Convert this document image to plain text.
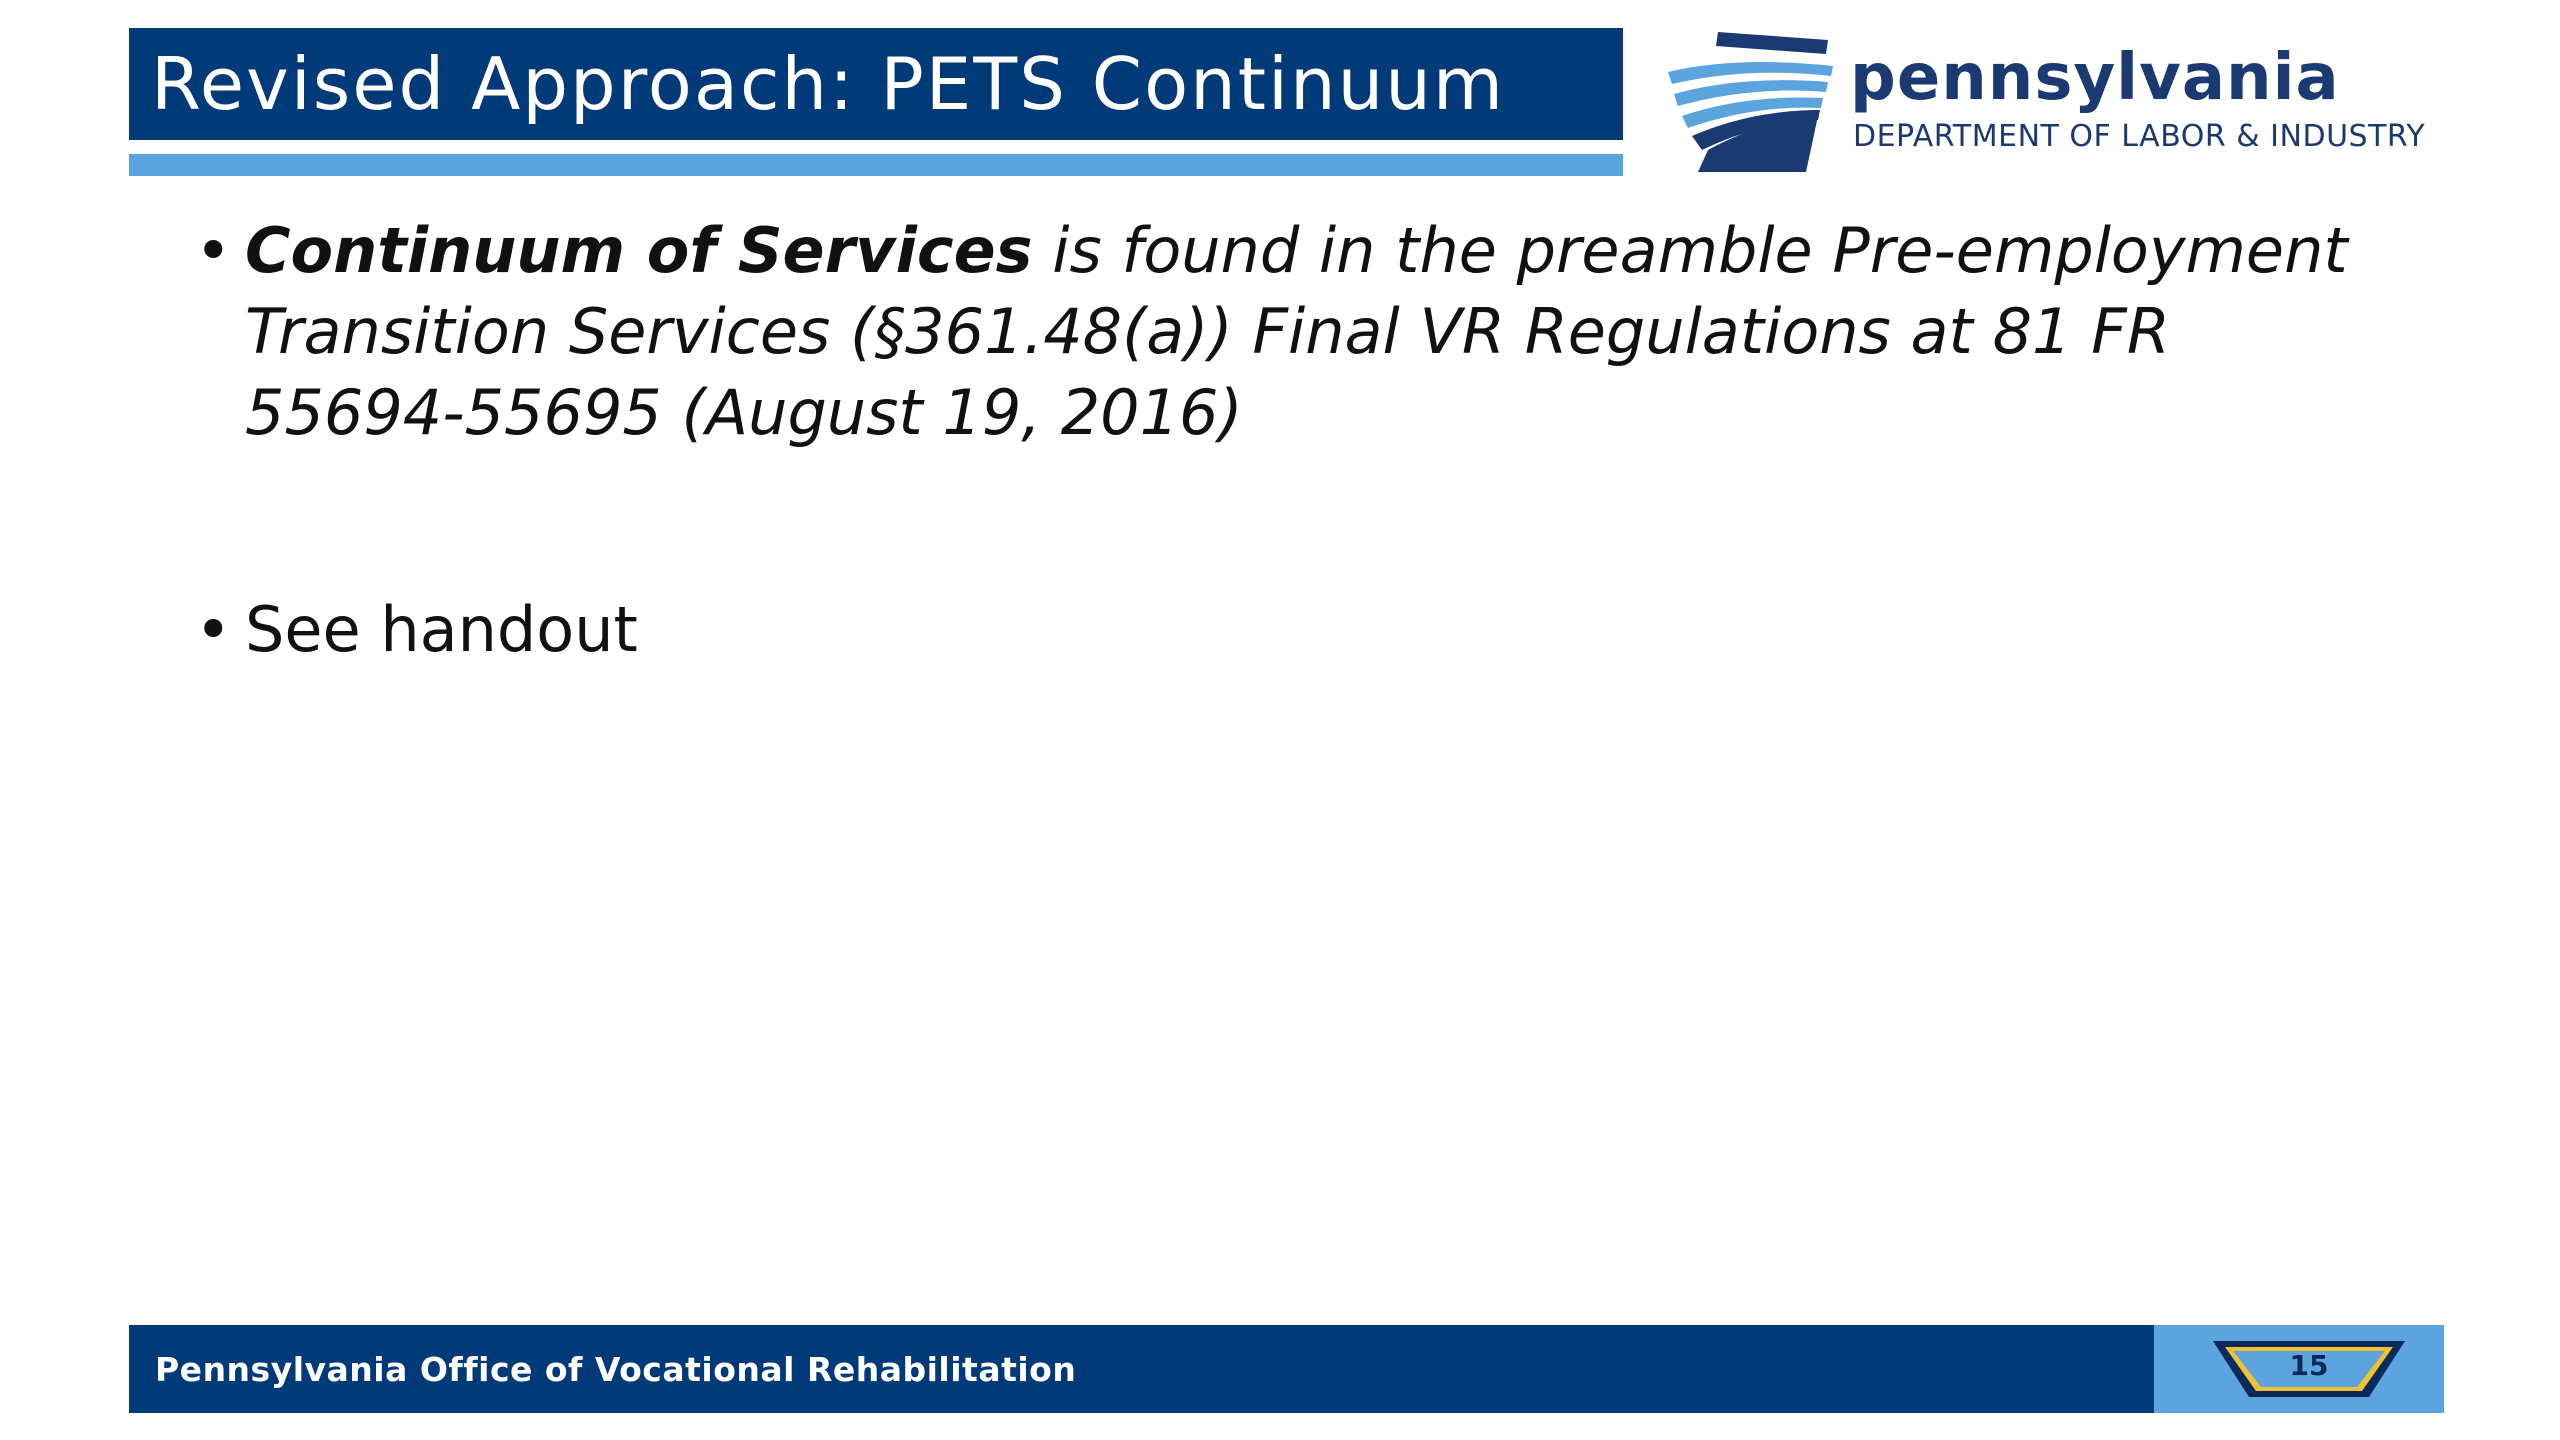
Revised Approach: PETS Continuum	pennsylvania
DEPARTMENT OF LABOR & INDUSTRY
• Continuum of Services is found in the preamble Pre-employment Transition Services (§361.48(a)) Final VR Regulations at 81 FR 55694-55695 (August 19, 2016)
• See handout
Pennsylvania Office of Vocational Rehabilitation	15
